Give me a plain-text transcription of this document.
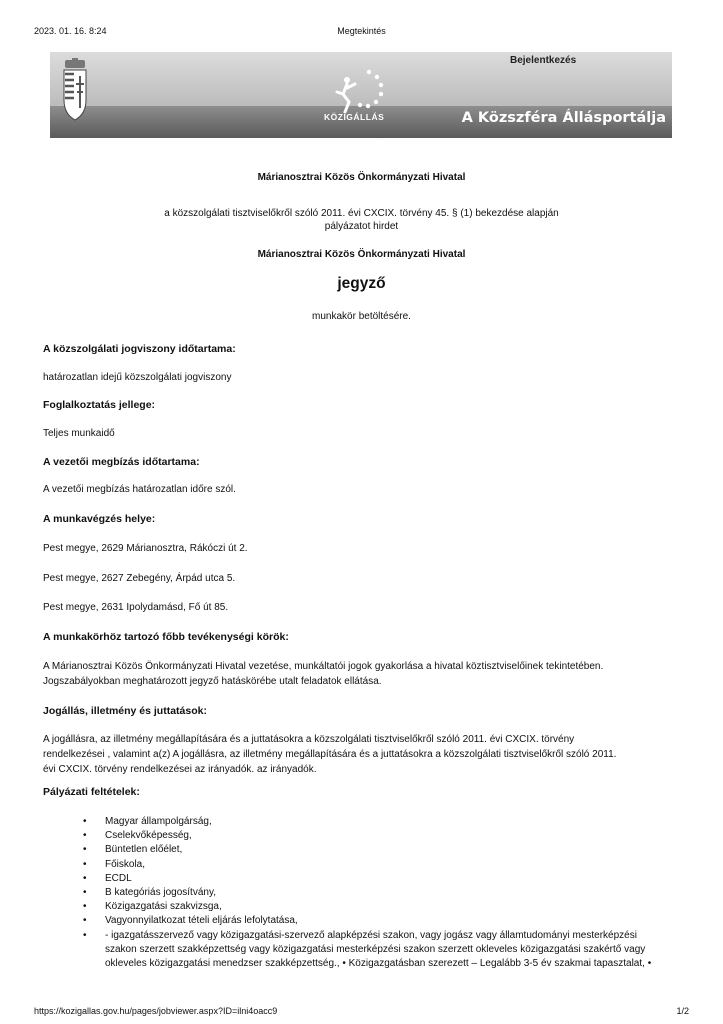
2023. 01. 16. 8:24	Megtekintés
KÖZIGÁLLÁS
Bejelentkezés
A Közszféra Állásportálja
Márianosztrai Közös Önkormányzati Hivatal
a közszolgálati tisztviselőkről szóló 2011. évi CXCIX. törvény 45. § (1) bekezdése alapján
pályázatot hirdet
Márianosztrai Közös Önkormányzati Hivatal
jegyző
munkakör betöltésére.
A közszolgálati jogviszony időtartama:
határozatlan idejű közszolgálati jogviszony
Foglalkoztatás jellege:
Teljes munkaidő
A vezetői megbízás időtartama:
A vezetői megbízás határozatlan időre szól.
A munkavégzés helye:
Pest megye, 2629 Márianosztra, Rákóczi út 2.
Pest megye, 2627 Zebegény, Árpád utca 5.
Pest megye, 2631 Ipolydamásd, Fő út 85.
A munkakörhöz tartozó főbb tevékenységi körök:
A Márianosztrai Közös Önkormányzati Hivatal vezetése, munkáltatói jogok gyakorlása a hivatal köztisztviselőinek tekintetében.
Jogszabályokban meghatározott jegyző hatáskörébe utalt feladatok ellátása.
Jogállás, illetmény és juttatások:
A jogállásra, az illetmény megállapítására és a juttatásokra a közszolgálati tisztviselőkről szóló 2011. évi CXCIX. törvény
rendelkezései , valamint a(z) A jogállásra, az illetmény megállapítására és a juttatásokra a közszolgálati tisztviselőkről szóló 2011.
évi CXCIX. törvény rendelkezései az irányadók. az irányadók.
Pályázati feltételek:
• Magyar állampolgárság,
• Cselekvőképesség,
• Büntetlen előélet,
• Főiskola,
• ECDL
• B kategóriás jogosítvány,
• Közigazgatási szakvizsga,
• Vagyonnyilatkozat tételi eljárás lefolytatása,
• - igazgatásszervező vagy közigazgatási-szervező alapképzési szakon, vagy jogász vagy államtudományi mesterképzési szakon szerzett szakképzettség vagy közigazgatási mesterképzési szakon szerzett okleveles közigazgatási szakértő vagy okleveles közigazgatási menedzser szakképzettség., • Közigazgatásban szerezett – Legalább 3-5 év szakmai tapasztalat, •
https://kozigallas.gov.hu/pages/jobviewer.aspx?ID=ilni4oacc9	1/2
